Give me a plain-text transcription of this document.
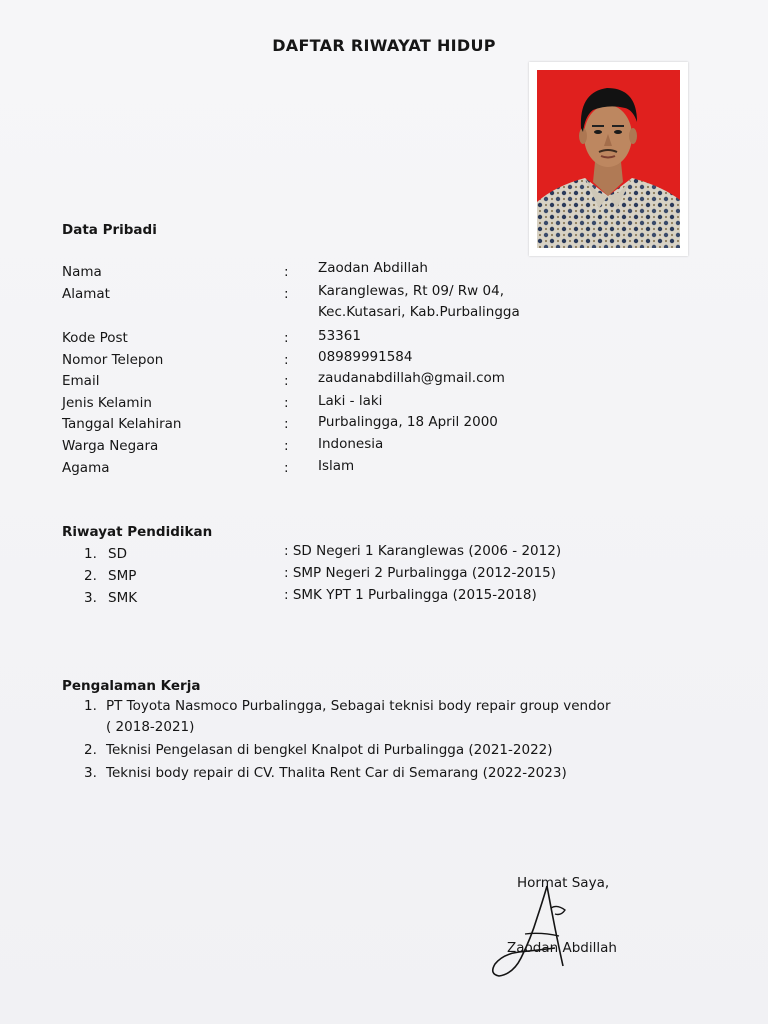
DAFTAR RIWAYAT HIDUP
Data Pribadi
Nama	: Zaodan Abdillah
Alamat	: Karanglewas, Rt 09/ Rw 04,
Kec.Kutasari, Kab.Purbalingga
Kode Post	: 53361
Nomor Telepon	: 08989991584
Email	: zaudanabdillah@gmail.com
Jenis Kelamin	: Laki - laki
Tanggal Kelahiran	: Purbalingga, 18 April 2000
Warga Negara	: Indonesia
Agama	: Islam
Riwayat Pendidikan
1. SD	: SD Negeri 1 Karanglewas (2006 - 2012)
2. SMP	: SMP Negeri 2 Purbalingga (2012-2015)
3. SMK	: SMK YPT 1 Purbalingga (2015-2018)
Pengalaman Kerja
1. PT Toyota Nasmoco Purbalingga, Sebagai teknisi body repair group vendor
( 2018-2021)
2. Teknisi Pengelasan di bengkel Knalpot di Purbalingga (2021-2022)
3. Teknisi body repair di CV. Thalita Rent Car di Semarang (2022-2023)
Hormat Saya,
Zaodan Abdillah
